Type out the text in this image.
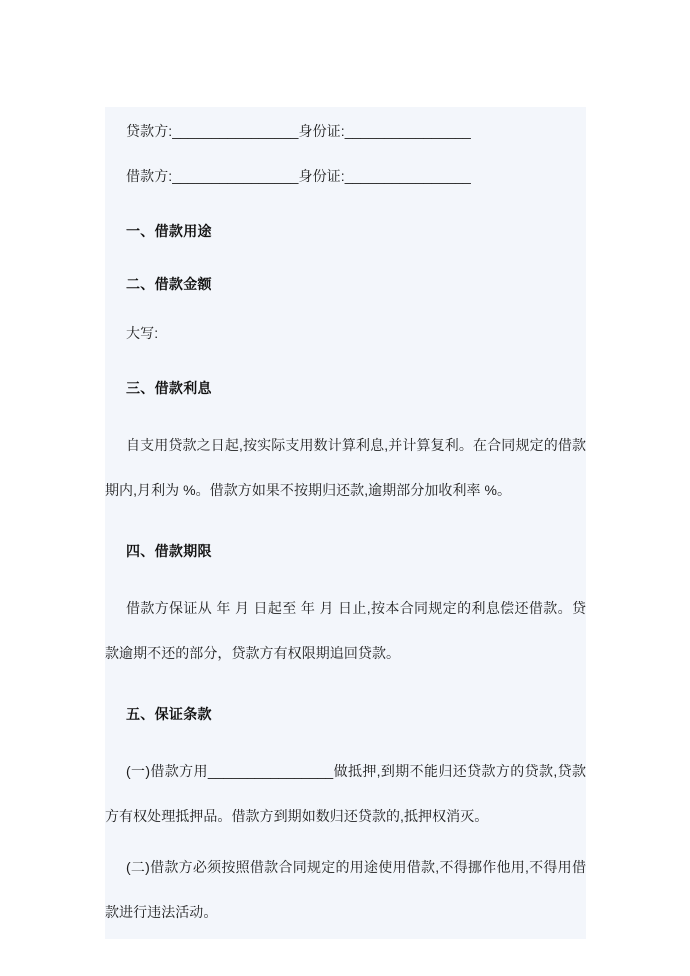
贷款方:________________身份证:________________
借款方:________________身份证:________________
一、借款用途
二、借款金额
大写:
三、借款利息
自支用贷款之日起,按实际支用数计算利息,并计算复利。在合同规定的借款期内,月利为 %。借款方如果不按期归还款,逾期部分加收利率 %。
四、借款期限
借款方保证从 年 月 日起至 年 月 日止,按本合同规定的利息偿还借款。贷款逾期不还的部分，贷款方有权限期追回贷款。
五、保证条款
(一)借款方用________________做抵押,到期不能归还贷款方的贷款,贷款方有权处理抵押品。借款方到期如数归还贷款的,抵押权消灭。
(二)借款方必须按照借款合同规定的用途使用借款,不得挪作他用,不得用借款进行违法活动。
